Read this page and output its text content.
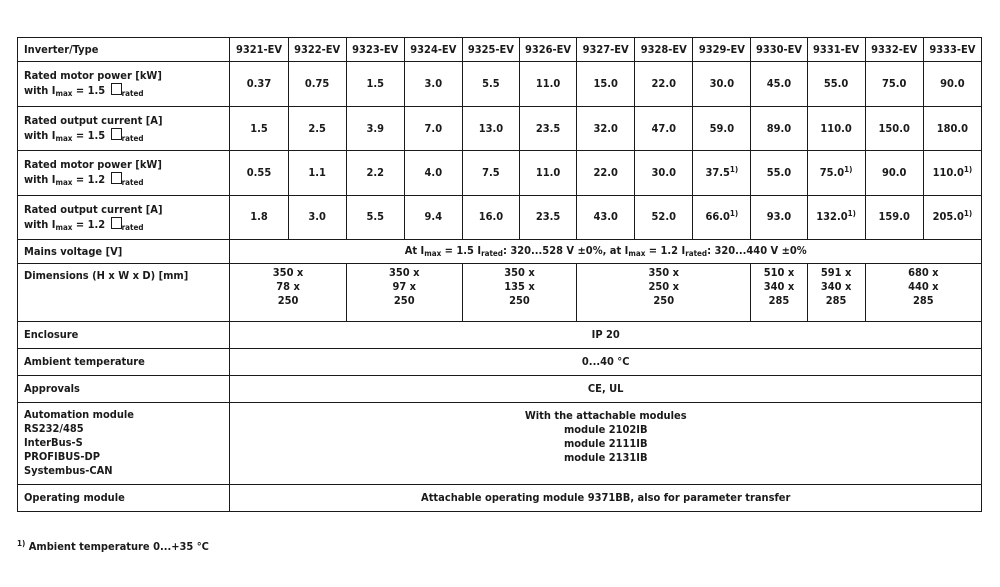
Inverter/Type	9321-EV	9322-EV	9323-EV	9324-EV	9325-EV	9326-EV	9327-EV	9328-EV	9329-EV	9330-EV	9331-EV	9332-EV	9333-EV

Rated motor power [kW]
with Imax = 1.5 rated	0.37	0.75	1.5	3.0	5.5	11.0	15.0	22.0	30.0	45.0	55.0	75.0	90.0

Rated output current [A]
with Imax = 1.5 rated	1.5	2.5	3.9	7.0	13.0	23.5	32.0	47.0	59.0	89.0	110.0	150.0	180.0

Rated motor power [kW]
with Imax = 1.2 rated	0.55	1.1	2.2	4.0	7.5	11.0	22.0	30.0	37.5$^{1)}$	55.0	75.0$^{1)}$	90.0	110.0$^{1)}$

Rated output current [A]
with Imax = 1.2 rated	1.8	3.0	5.5	9.4	16.0	23.5	43.0	52.0	66.0$^{1)}$	93.0	132.0$^{1)}$	159.0	205.0$^{1)}$
Mains voltage [V]	At Imax = 1.5 Irated: 320...528 V ±0%, at Imax = 1.2 Irated: 320...440 V ±0%												
Dimensions (H x W x D) [mm]	350 x
78 x
250		350 x
97 x
250		350 x
135 x
250		350 x
250 x
250			510 x
340 x
285	591 x
340 x
285	680 x
440 x
285	

Enclosure	IP 20												
Ambient temperature	0...40 °C												
Approvals	CE, UL												

Automation module
RS232/485
InterBus-S
PROFIBUS-DP
Systembus-CAN	With the attachable modules
module 2102IB
module 2111IB
module 2131IB												

Operating module	Attachable operating module 9371BB, also for parameter transfer												
$^{1)}$ Ambient temperature 0...+35 °C
